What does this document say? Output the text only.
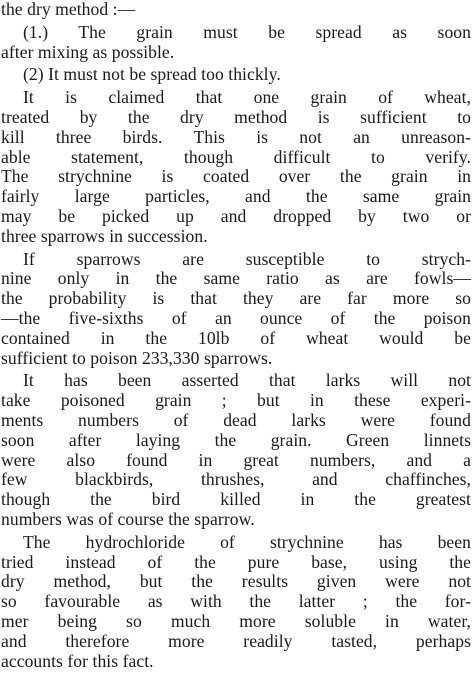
the dry method :—

(1.) The grain must be spread as soon
after mixing as possible.

(2) It must not be spread too thickly.

It is claimed that one grain of wheat,
treated by the dry method is sufficient to
kill three birds. This is not an unreason-
able statement, though difficult to verify.
The strychnine is coated over the grain in
fairly large particles, and the same grain
may be picked up and dropped by two or
three sparrows in succession.

If sparrows are susceptible to strych-
nine only in the same ratio as are fowls—
the probability is that they are far more so
—the five-sixths of an ounce of the poison
contained in the 10lb of wheat would be
sufficient to poison 233,330 sparrows.

It has been asserted that larks will not
take poisoned grain ; but in these experi-
ments numbers of dead larks were found
soon after laying the grain. Green linnets
were also found in great numbers, and a
few blackbirds, thrushes, and chaffinches,
though the bird killed in the greatest
numbers was of course the sparrow.

The hydrochloride of strychnine has been
tried instead of the pure base, using the
dry method, but the results given were not
so favourable as with the latter ; the for-
mer being so much more soluble in water,
and therefore more readily tasted, perhaps
accounts for this fact.
